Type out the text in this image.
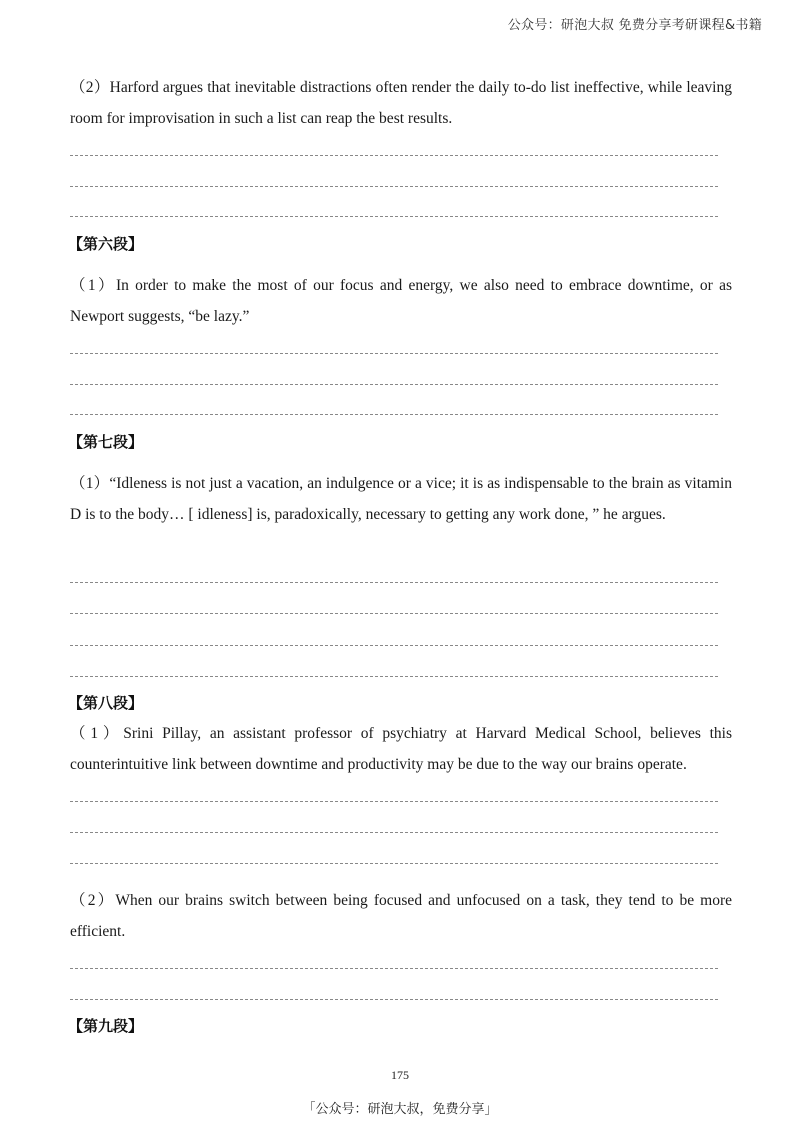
公众号：研泡大叔 免费分享考研课程&书籍
（2）Harford argues that inevitable distractions often render the daily to-do list ineffective, while leaving room for improvisation in such a list can reap the best results.
【第六段】
（1）In order to make the most of our focus and energy, we also need to embrace downtime, or as Newport suggests, “be lazy.”
【第七段】
（1）“Idleness is not just a vacation, an indulgence or a vice; it is as indispensable to the brain as vitamin D is to the body… [ idleness] is, paradoxically, necessary to getting any work done, ” he argues.
【第八段】
（1）Srini Pillay, an assistant professor of psychiatry at Harvard Medical School, believes this counterintuitive link between downtime and productivity may be due to the way our brains operate.
（2）When our brains switch between being focused and unfocused on a task, they tend to be more efficient.
【第九段】
175
「公众号：研泡大叔，免费分享」
